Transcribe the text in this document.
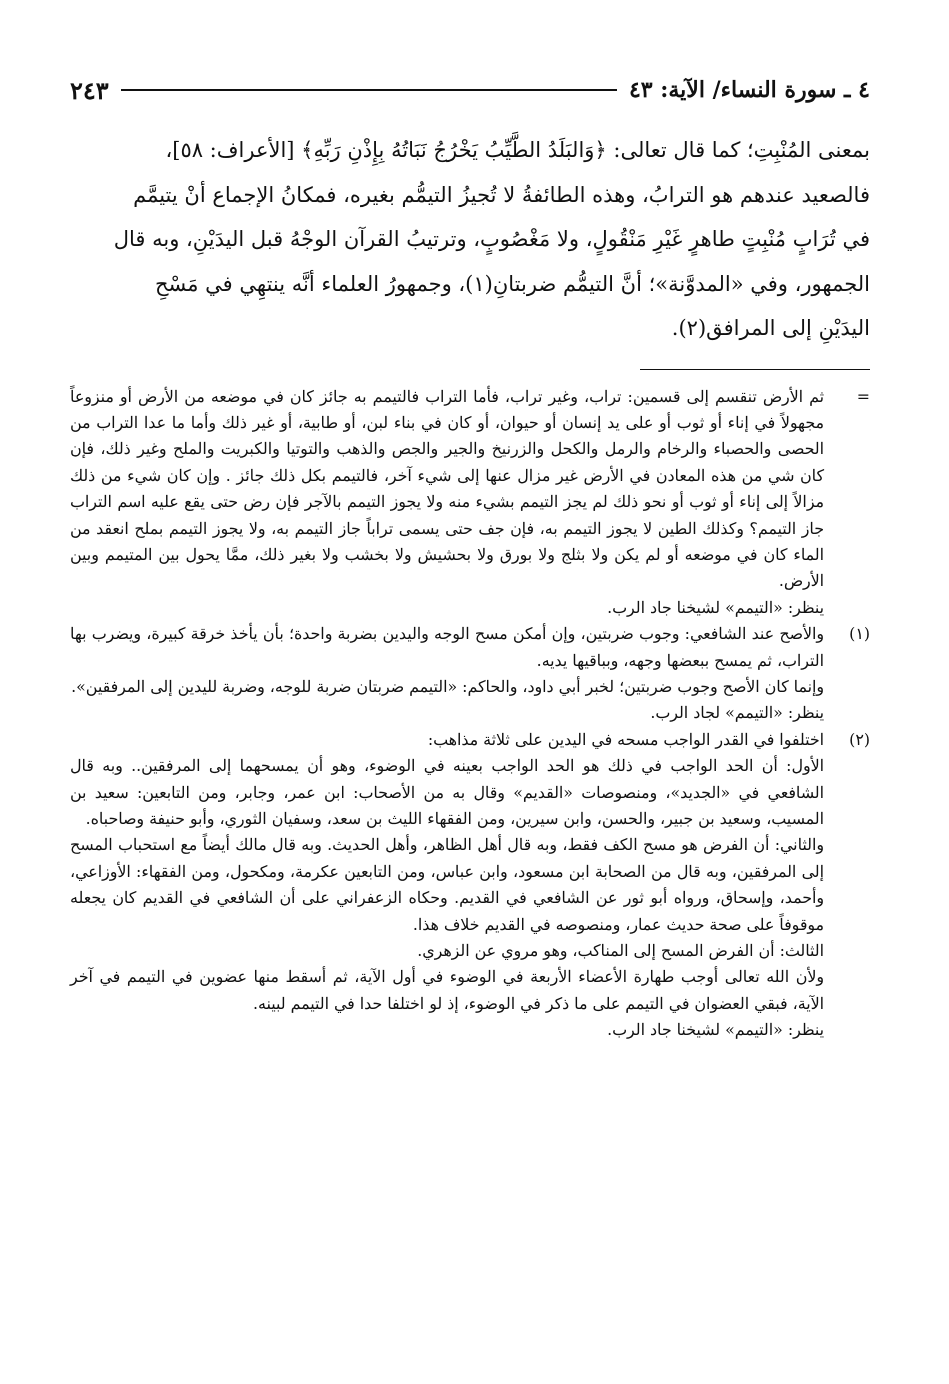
٤ ـ سورة النساء/ الآية: ٤٣
٢٤٣

بمعنى المُنْبِتِ؛ كما قال تعالى: ﴿وَالبَلَدُ الطَّيِّبُ يَخْرُجُ نَبَاتُهُ بِإِذْنِ رَبِّهِ﴾ [الأعراف: ٥٨]،

فالصعيد عندهم هو الترابُ، وهذه الطائفةُ لا تُجيزُ التيمُّم بغيره، فمكانُ الإجماع أنْ يتيمَّم

في تُرَابٍ مُنْبِتٍ طاهرٍ غَيْرِ مَنْقُولٍ، ولا مَغْصُوبٍ، وترتيبُ القرآن الوجْهُ قبل اليدَيْنِ، وبه قال

الجمهور، وفي «المدوَّنة»؛ أنَّ التيمُّم ضربتانِ(١)، وجمهورُ العلماء أنَّه ينتهِي في مَسْحِ

اليدَيْنِ إلى المرافق(٢).

=

ثم الأرض تنقسم إلى قسمين: تراب، وغير تراب، فأما التراب فالتيمم به جائز كان في موضعه من الأرض أو منزوعاً مجهولاً في إناء أو ثوب أو على يد إنسان أو حيوان، أو كان في بناء لبن، أو طابية، أو غير ذلك وأما ما عدا التراب من الحصى والحصباء والرخام والرمل والكحل والزرنيخ والجير والجص والذهب والتوتيا والكبريت والملح وغير ذلك، فإن كان شي من هذه المعادن في الأرض غير مزال عنها إلى شيء آخر، فالتيمم بكل ذلك جائز . وإن كان شيء من ذلك مزالاً إلى إناء أو ثوب أو نحو ذلك لم يجز التيمم بشيء منه ولا يجوز التيمم بالآجر فإن رض حتى يقع عليه اسم التراب جاز التيمم؟ وكذلك الطين لا يجوز التيمم به، فإن جف حتى يسمى تراباً جاز التيمم به، ولا يجوز التيمم بملح انعقد من الماء كان في موضعه أو لم يكن ولا بثلج ولا بورق ولا بحشيش ولا بخشب ولا بغير ذلك، ممَّا يحول بين المتيمم وبين الأرض.

ينظر: «التيمم» لشيخنا جاد الرب.

(١)

والأصح عند الشافعي: وجوب ضربتين، وإن أمكن مسح الوجه واليدين بضربة واحدة؛ بأن يأخذ خرقة كبيرة، ويضرب بها التراب، ثم يمسح ببعضها وجهه، وبباقيها يديه.

وإنما كان الأصح وجوب ضربتين؛ لخبر أبي داود، والحاكم: «التيمم ضربتان ضربة للوجه، وضربة لليدين إلى المرفقين».

ينظر: «التيمم» لجاد الرب.

(٢)

اختلفوا في القدر الواجب مسحه في اليدين على ثلاثة مذاهب:

الأول: أن الحد الواجب في ذلك هو الحد الواجب بعينه في الوضوء، وهو أن يمسحهما إلى المرفقين.. وبه قال الشافعي في «الجديد»، ومنصوصات «القديم» وقال به من الأصحاب: ابن عمر، وجابر، ومن التابعين: سعيد بن المسيب، وسعيد بن جبير، والحسن، وابن سيرين، ومن الفقهاء الليث بن سعد، وسفيان الثوري، وأبو حنيفة وصاحباه.

والثاني: أن الفرض هو مسح الكف فقط، وبه قال أهل الظاهر، وأهل الحديث. وبه قال مالك أيضاً مع استحباب المسح إلى المرفقين، وبه قال من الصحابة ابن مسعود، وابن عباس، ومن التابعين عكرمة، ومكحول، ومن الفقهاء: الأوزاعي، وأحمد، وإسحاق، ورواه أبو ثور عن الشافعي في القديم. وحكاه الزعفراني على أن الشافعي في القديم كان يجعله موقوفاً على صحة حديث عمار، ومنصوصه في القديم خلاف هذا.

الثالث: أن الفرض المسح إلى المناكب، وهو مروي عن الزهري.

ولأن الله تعالى أوجب طهارة الأعضاء الأربعة في الوضوء في أول الآية، ثم أسقط منها عضوين في التيمم في آخر الآية، فبقي العضوان في التيمم على ما ذكر في الوضوء، إذ لو اختلفا حدا في التيمم لبينه.

ينظر: «التيمم» لشيخنا جاد الرب.
